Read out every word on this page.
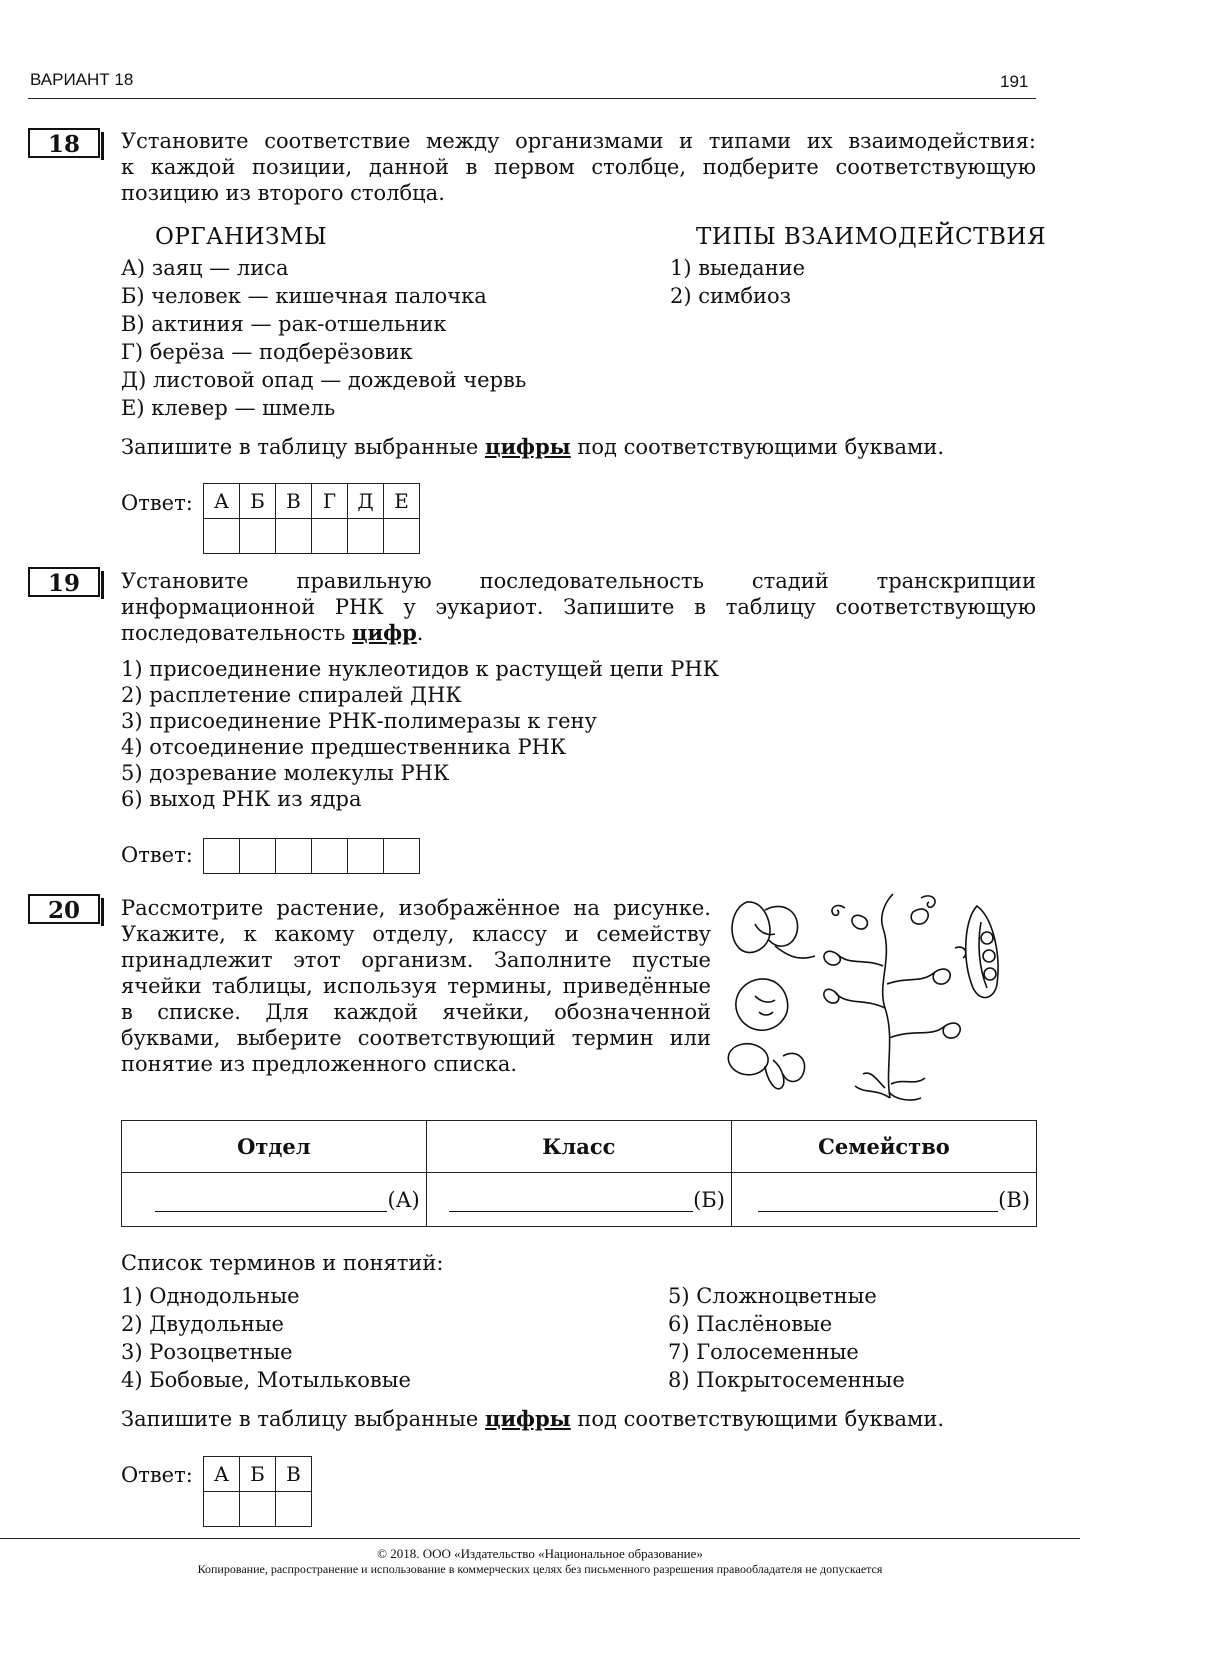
ВАРИАНТ 18	191
18	Установите соответствие между организмами и типами их взаимодействия:
к каждой позиции, данной в первом столбце, подберите соответствующую
позицию из второго столбца.
ОРГАНИЗМЫ	ТИПЫ ВЗАИМОДЕЙСТВИЯ
А) заяц — лиса
Б) человек — кишечная палочка
В) актиния — рак-отшельник
Г) берёза — подберёзовик
Д) листовой опад — дождевой червь
Е) клевер — шмель
1) выедание
2) симбиоз
Запишите в таблицу выбранные цифры под соответствующими буквами.
Ответ: А	Б	В	Г	Д	Е

19	Установите правильную последовательность стадий транскрипции
информационной РНК у эукариот. Запишите в таблицу соответствующую
последовательность цифр.
1) присоединение нуклеотидов к растущей цепи РНК
2) расплетение спиралей ДНК
3) присоединение РНК-полимеразы к гену
4) отсоединение предшественника РНК
5) дозревание молекулы РНК
6) выход РНК из ядра
Ответ:

20	Рассмотрите растение, изображённое на рисунке.
Укажите, к какому отделу, классу и семейству
принадлежит этот организм. Заполните пустые
ячейки таблицы, используя термины, приведённые
в списке. Для каждой ячейки, обозначенной
буквами, выберите соответствующий термин или
понятие из предложенного списка.
Отдел	Класс	Семейство
(А)	(Б)	(В)
Список терминов и понятий:
1) Однодольные
2) Двудольные
3) Розоцветные
4) Бобовые, Мотыльковые
5) Сложноцветные
6) Паслёновые
7) Голосеменные
8) Покрытосеменные
Запишите в таблицу выбранные цифры под соответствующими буквами.
Ответ: А	Б	В

© 2018. ООО «Издательство «Национальное образование»
Копирование, распространение и использование в коммерческих целях без письменного разрешения правообладателя не допускается
